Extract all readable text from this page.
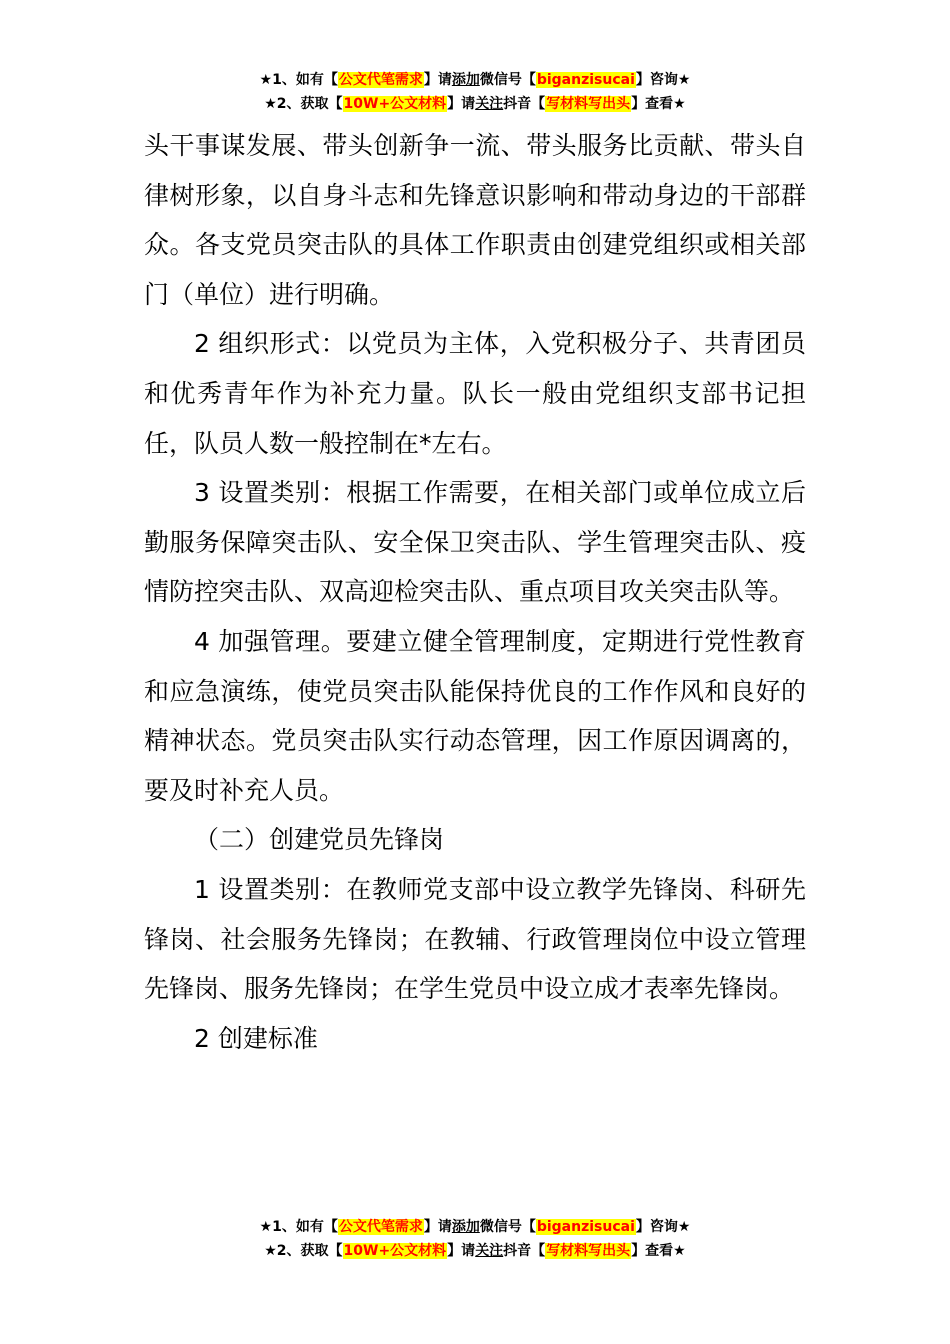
★1、如有【公文代笔需求】请添加微信号【biganzisucai】咨询★
★2、获取【10W+公文材料】请关注抖音【写材料写出头】查看★

头干事谋发展、带头创新争一流、带头服务比贡献、带头自律树形象，以自身斗志和先锋意识影响和带动身边的干部群众。各支党员突击队的具体工作职责由创建党组织或相关部门（单位）进行明确。

2 组织形式：以党员为主体，入党积极分子、共青团员和优秀青年作为补充力量。队长一般由党组织支部书记担任，队员人数一般控制在*左右。

3 设置类别：根据工作需要，在相关部门或单位成立后勤服务保障突击队、安全保卫突击队、学生管理突击队、疫情防控突击队、双高迎检突击队、重点项目攻关突击队等。

4 加强管理。要建立健全管理制度，定期进行党性教育和应急演练，使党员突击队能保持优良的工作作风和良好的精神状态。党员突击队实行动态管理，因工作原因调离的，要及时补充人员。

（二）创建党员先锋岗

1 设置类别：在教师党支部中设立教学先锋岗、科研先锋岗、社会服务先锋岗；在教辅、行政管理岗位中设立管理先锋岗、服务先锋岗；在学生党员中设立成才表率先锋岗。

2 创建标准

★1、如有【公文代笔需求】请添加微信号【biganzisucai】咨询★
★2、获取【10W+公文材料】请关注抖音【写材料写出头】查看★
